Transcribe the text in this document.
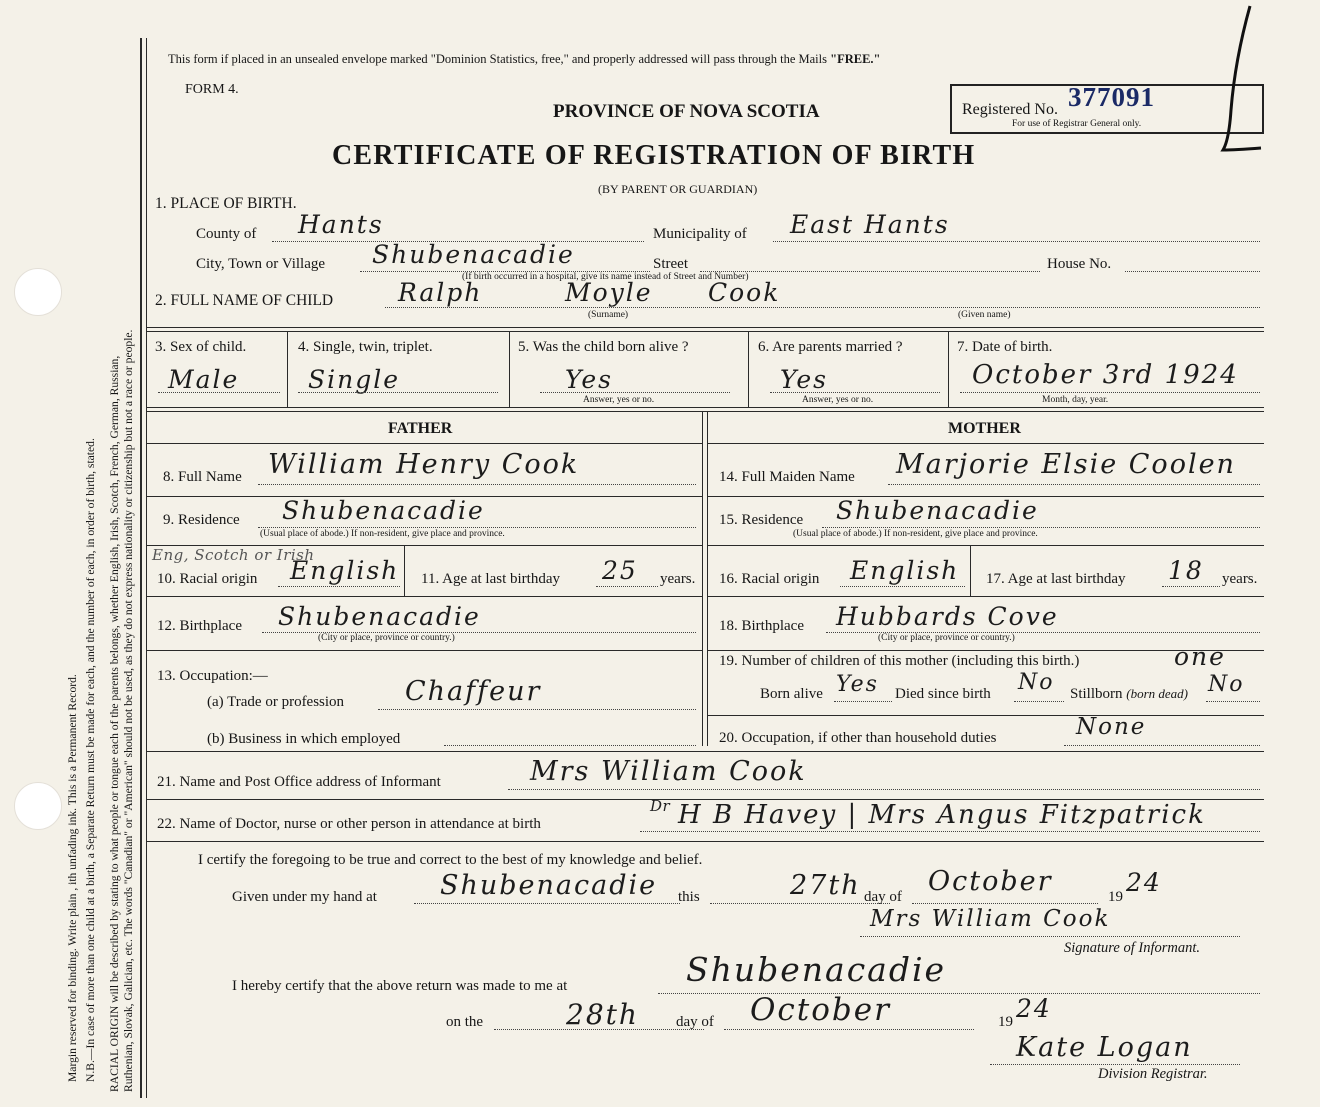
Margin reserved for binding. Write plain , ith unfading ink. This is a Permanent Record. N.B.—In case of more than one child at a birth, a Separate Return must be made for each, and the number of each, in order of birth, stated. RACIAL ORIGIN will be described by stating to what people or tongue each of the parents belongs, whether English, Irish, Scotch, French, German, Russian, Ruthenian, Slovak, Galician, etc. The words "Canadian" or "American" should not be used, as they do not express nationality or citizenship but not a race or people.
This form if placed in an unsealed envelope marked "Dominion Statistics, free," and properly addressed will pass through the Mails "FREE."
FORM 4.
PROVINCE OF NOVA SCOTIA
CERTIFICATE OF REGISTRATION OF BIRTH
(BY PARENT OR GUARDIAN)
Registered No. 377091
For use of Registrar General only.
1. PLACE OF BIRTH.
County of Hants	Municipality of East Hants
City, Town or Village Shubenacadie	Street	House No.
(If birth occurred in a hospital, give its name instead of Street and Number)
2. FULL NAME OF CHILD	Ralph	Moyle Cook
(Surname)	(Given name)
3. Sex of child.
Male
4. Single, twin, triplet.
Single
5. Was the child born alive ?
Yes
Answer, yes or no.
6. Are parents married ?
Yes
Answer, yes or no.
7. Date of birth.
October 3rd 1924
Month, day, year.
FATHER	MOTHER
8. Full Name William Henry Cook
9. Residence Shubenacadie
(Usual place of abode.) If non-resident, give place and province.
Eng, Scotch or Irish
10. Racial origin English 11. Age at last birthday 25 years.
12. Birthplace Shubenacadie
(City or place, province or country.)
13. Occupation:—
(a) Trade or profession Chaffeur
(b) Business in which employed
14. Full Maiden Name Marjorie Elsie Coolen
15. Residence Shubenacadie
(Usual place of abode.) If non-resident, give place and province.
16. Racial origin English 17. Age at last birthday 18 years.
18. Birthplace Hubbards Cove
(City or place, province or country.)
19. Number of children of this mother (including this birth.)	one
Born alive Yes Died since birth No Stillborn (born dead) No
20. Occupation, if other than household duties	None
21. Name and Post Office address of Informant	Mrs William Cook
22. Name of Doctor, nurse or other person in attendance at birth
Dr H B Havey | Mrs Angus Fitzpatrick
I certify the foregoing to be true and correct to the best of my knowledge and belief.
Given under my hand at Shubenacadie this	27th day of October	19 24
Mrs William Cook
Signature of Informant.
I hereby certify that the above return was made to me at	Shubenacadie
on the	28th day of October	19 24
Kate Logan
Division Registrar.
